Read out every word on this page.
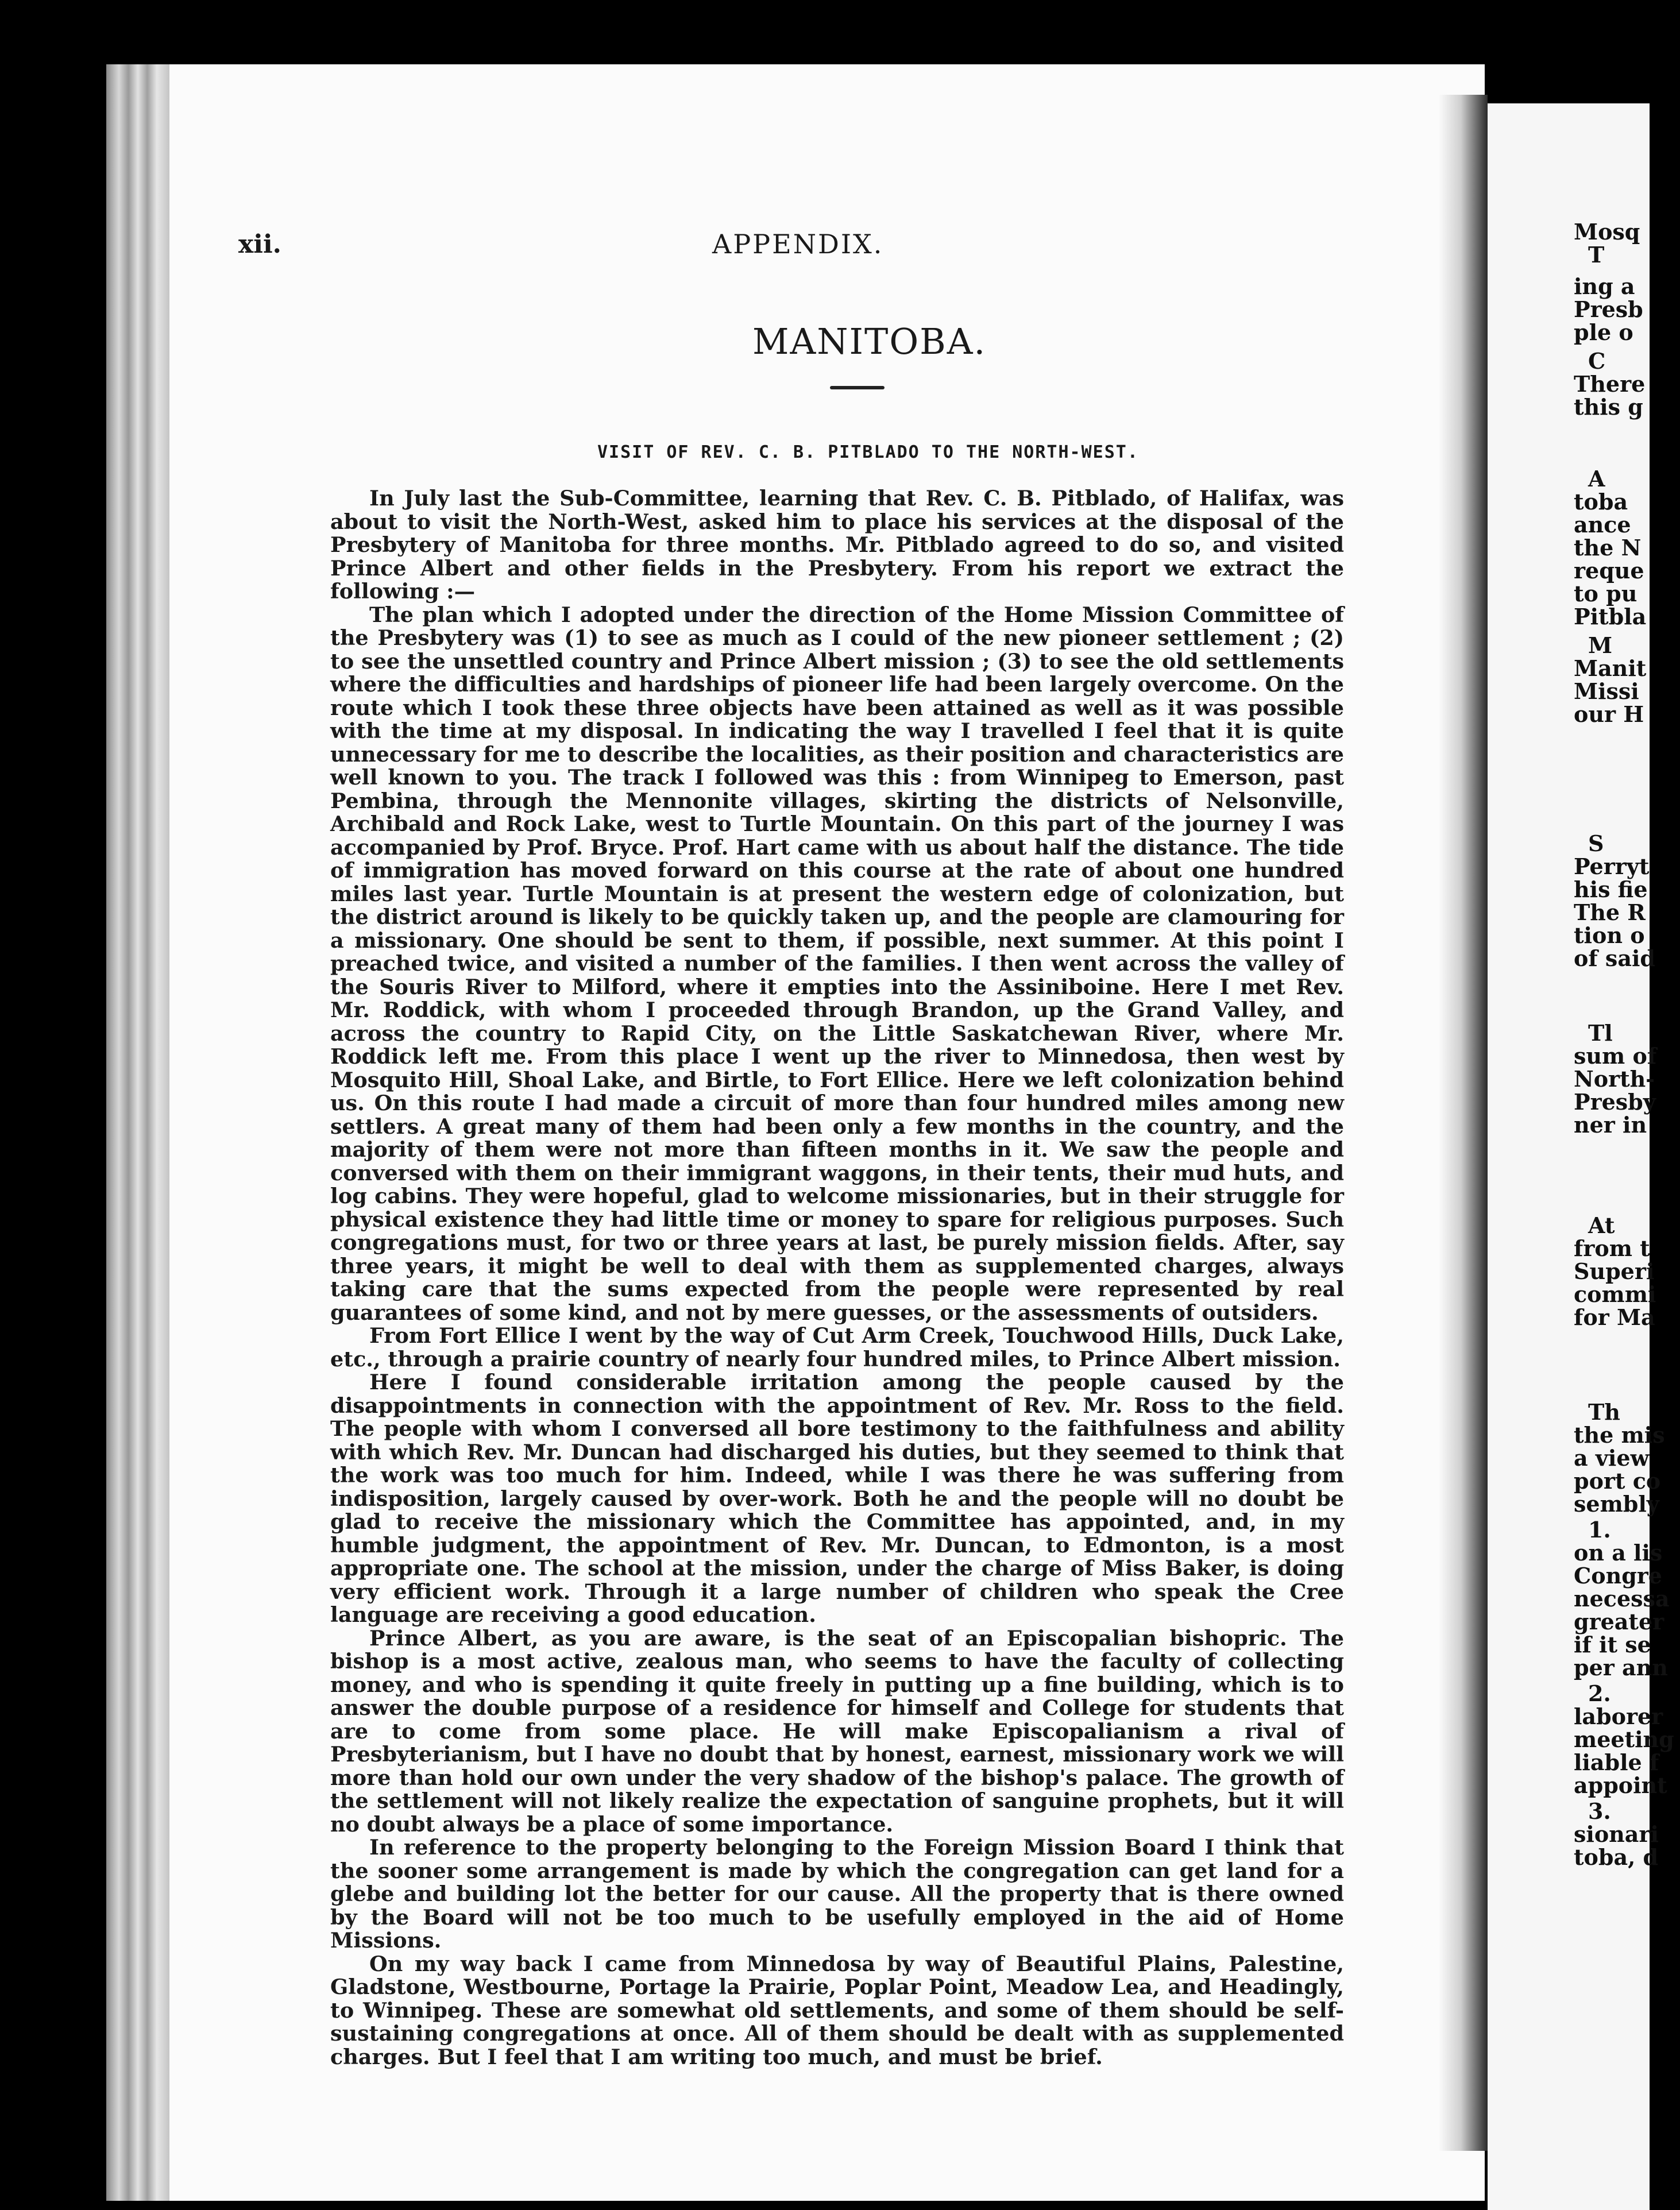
xii.	APPENDIX.
MANITOBA.
VISIT OF REV. C. B. PITBLADO TO THE NORTH-WEST.

In July last the Sub-Committee, learning that Rev. C. B. Pitblado, of Halifax, was about to visit the North-West, asked him to place his services at the disposal of the Presbytery of Manitoba for three months. Mr. Pitblado agreed to do so, and visited Prince Albert and other fields in the Presbytery. From his report we extract the following :—

The plan which I adopted under the direction of the Home Mission Committee of the Presbytery was (1) to see as much as I could of the new pioneer settlement ; (2) to see the unsettled country and Prince Albert mission ; (3) to see the old settlements where the difficulties and hardships of pioneer life had been largely overcome. On the route which I took these three objects have been attained as well as it was possible with the time at my disposal. In indicating the way I travelled I feel that it is quite unnecessary for me to describe the localities, as their position and characteristics are well known to you. The track I followed was this : from Winnipeg to Emerson, past Pembina, through the Mennonite villages, skirting the districts of Nelsonville, Archibald and Rock Lake, west to Turtle Mountain. On this part of the journey I was accompanied by Prof. Bryce. Prof. Hart came with us about half the distance. The tide of immigration has moved forward on this course at the rate of about one hundred miles last year. Turtle Mountain is at present the western edge of colonization, but the district around is likely to be quickly taken up, and the people are clamouring for a missionary. One should be sent to them, if possible, next summer. At this point I preached twice, and visited a number of the families. I then went across the valley of the Souris River to Milford, where it empties into the Assiniboine. Here I met Rev. Mr. Roddick, with whom I proceeded through Brandon, up the Grand Valley, and across the country to Rapid City, on the Little Saskatchewan River, where Mr. Roddick left me. From this place I went up the river to Minnedosa, then west by Mosquito Hill, Shoal Lake, and Birtle, to Fort Ellice. Here we left colonization behind us. On this route I had made a circuit of more than four hundred miles among new settlers. A great many of them had been only a few months in the country, and the majority of them were not more than fifteen months in it. We saw the people and conversed with them on their immigrant waggons, in their tents, their mud huts, and log cabins. They were hopeful, glad to welcome missionaries, but in their struggle for physical existence they had little time or money to spare for religious purposes. Such congregations must, for two or three years at last, be purely mission fields. After, say three years, it might be well to deal with them as supplemented charges, always taking care that the sums expected from the people were represented by real guarantees of some kind, and not by mere guesses, or the assessments of outsiders.

From Fort Ellice I went by the way of Cut Arm Creek, Touchwood Hills, Duck Lake, etc., through a prairie country of nearly four hundred miles, to Prince Albert mission.

Here I found considerable irritation among the people caused by the disappointments in connection with the appointment of Rev. Mr. Ross to the field. The people with whom I conversed all bore testimony to the faithfulness and ability with which Rev. Mr. Duncan had discharged his duties, but they seemed to think that the work was too much for him. Indeed, while I was there he was suffering from indisposition, largely caused by over-work. Both he and the people will no doubt be glad to receive the missionary which the Committee has appointed, and, in my humble judgment, the appointment of Rev. Mr. Duncan, to Edmonton, is a most appropriate one. The school at the mission, under the charge of Miss Baker, is doing very efficient work. Through it a large number of children who speak the Cree language are receiving a good education.

Prince Albert, as you are aware, is the seat of an Episcopalian bishopric. The bishop is a most active, zealous man, who seems to have the faculty of collecting money, and who is spending it quite freely in putting up a fine building, which is to answer the double purpose of a residence for himself and College for students that are to come from some place. He will make Episcopalianism a rival of Presbyterianism, but I have no doubt that by honest, earnest, missionary work we will more than hold our own under the very shadow of the bishop's palace. The growth of the settlement will not likely realize the expectation of sanguine prophets, but it will no doubt always be a place of some importance.

In reference to the property belonging to the Foreign Mission Board I think that the sooner some arrangement is made by which the congregation can get land for a glebe and building lot the better for our cause. All the property that is there owned by the Board will not be too much to be usefully employed in the aid of Home Missions.

On my way back I came from Minnedosa by way of Beautiful Plains, Palestine, Gladstone, Westbourne, Portage la Prairie, Poplar Point, Meadow Lea, and Headingly, to Winnipeg. These are somewhat old settlements, and some of them should be self-sustaining congregations at once. All of them should be dealt with as supplemented charges. But I feel that I am writing too much, and must be brief.

Mosq
T
ing a
Presb
ple o
C
There
this g
A
toba
ance
the N
reque
to pu
Pitbla
M
Manit
Missi
our H
S
Perryt
his fie
The R
tion o
of said
Tl
sum of
North-
Presby
ner in
At
from t
Superi
commi
for Ma
Th
the mis
a view
port co
sembly
1.
on a lis
Congre
necessa
greater
if it se
per ann
2.
laborer
meeting
liable f
appoint
3.
sionari
toba, d
